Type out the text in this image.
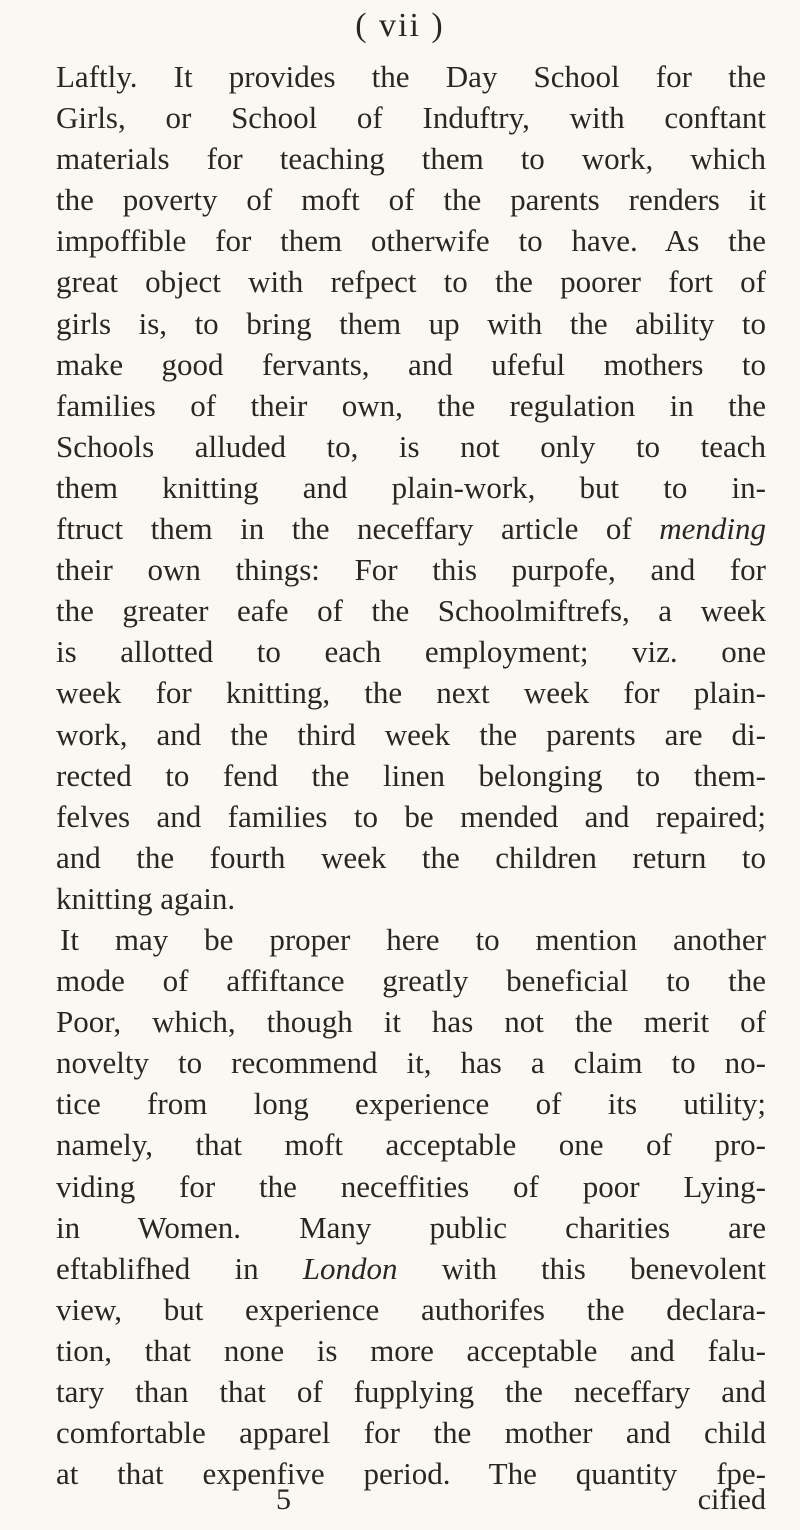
( vii )
Laftly. It provides the Day School for the
Girls, or School of Induftry, with conftant
materials for teaching them to work, which
the poverty of moft of the parents renders it
impoffible for them otherwife to have. As the
great object with refpect to the poorer fort of
girls is, to bring them up with the ability to
make good fervants, and ufeful mothers to
families of their own, the regulation in the
Schools alluded to, is not only to teach
them knitting and plain-work, but to in-
ftruct them in the neceffary article of mending
their own things: For this purpofe, and for
the greater eafe of the Schoolmiftrefs, a week
is allotted to each employment; viz. one
week for knitting, the next week for plain-
work, and the third week the parents are di-
rected to fend the linen belonging to them-
felves and families to be mended and repaired;
and the fourth week the children return to
knitting again.
It may be proper here to mention another
mode of affiftance greatly beneficial to the
Poor, which, though it has not the merit of
novelty to recommend it, has a claim to no-
tice from long experience of its utility;
namely, that moft acceptable one of pro-
viding for the neceffities of poor Lying-
in Women. Many public charities are
eftablifhed in London with this benevolent
view, but experience authorifes the declara-
tion, that none is more acceptable and falu-
tary than that of fupplying the neceffary and
comfortable apparel for the mother and child
at that expenfive period. The quantity fpe-
5	cified
